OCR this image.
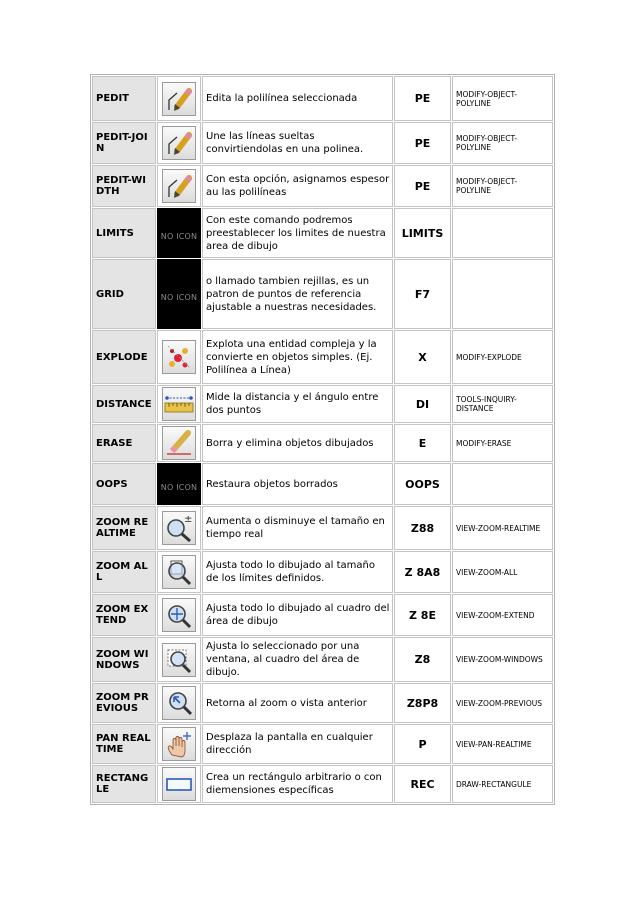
PEDIT		Edita la polilínea seleccionada	PE	MODIFY-OBJECT-POLYLINE
PEDIT-JOIN		Une las líneas sueltas convirtiendolas en una polinea.	PE	MODIFY-OBJECT-POLYLINE
PEDIT-WIDTH		Con esta opción, asignamos espesor au las polilíneas	PE	MODIFY-OBJECT-POLYLINE
LIMITS	NO ICON	Con este comando podremos preestablecer los limites de nuestra area de dibujo	LIMITS	
GRID	NO ICON	o llamado tambien rejillas, es un patron de puntos de referencia ajustable a nuestras necesidades.	F7	
EXPLODE		Explota una entidad compleja y la convierte en objetos simples. (Ej. Polilínea a Línea)	X	MODIFY-EXPLODE
DISTANCE		Mide la distancia y el ángulo entre dos puntos	DI	TOOLS-INQUIRY-DISTANCE
ERASE		Borra y elimina objetos dibujados	E	MODIFY-ERASE
OOPS	NO ICON	Restaura objetos borrados	OOPS	
ZOOM REALTIME	±	Aumenta o disminuye el tamaño en tiempo real	Z88	VIEW-ZOOM-REALTIME
ZOOM ALL		Ajusta todo lo dibujado al tamaño de los límites definidos.	Z 8A8	VIEW-ZOOM-ALL
ZOOM EXTEND		Ajusta todo lo dibujado al cuadro del área de dibujo	Z 8E	VIEW-ZOOM-EXTEND
ZOOM WINDOWS		Ajusta lo seleccionado por una ventana, al cuadro del área de dibujo.	Z8	VIEW-ZOOM-WINDOWS
ZOOM PREVIOUS		Retorna al zoom o vista anterior	Z8P8	VIEW-ZOOM-PREVIOUS
PAN REALTIME		Desplaza la pantalla en cualquier dirección	P	VIEW-PAN-REALTIME
RECTANGLE		Crea un rectángulo arbitrario o con diemensiones específicas	REC	DRAW-RECTANGULE
